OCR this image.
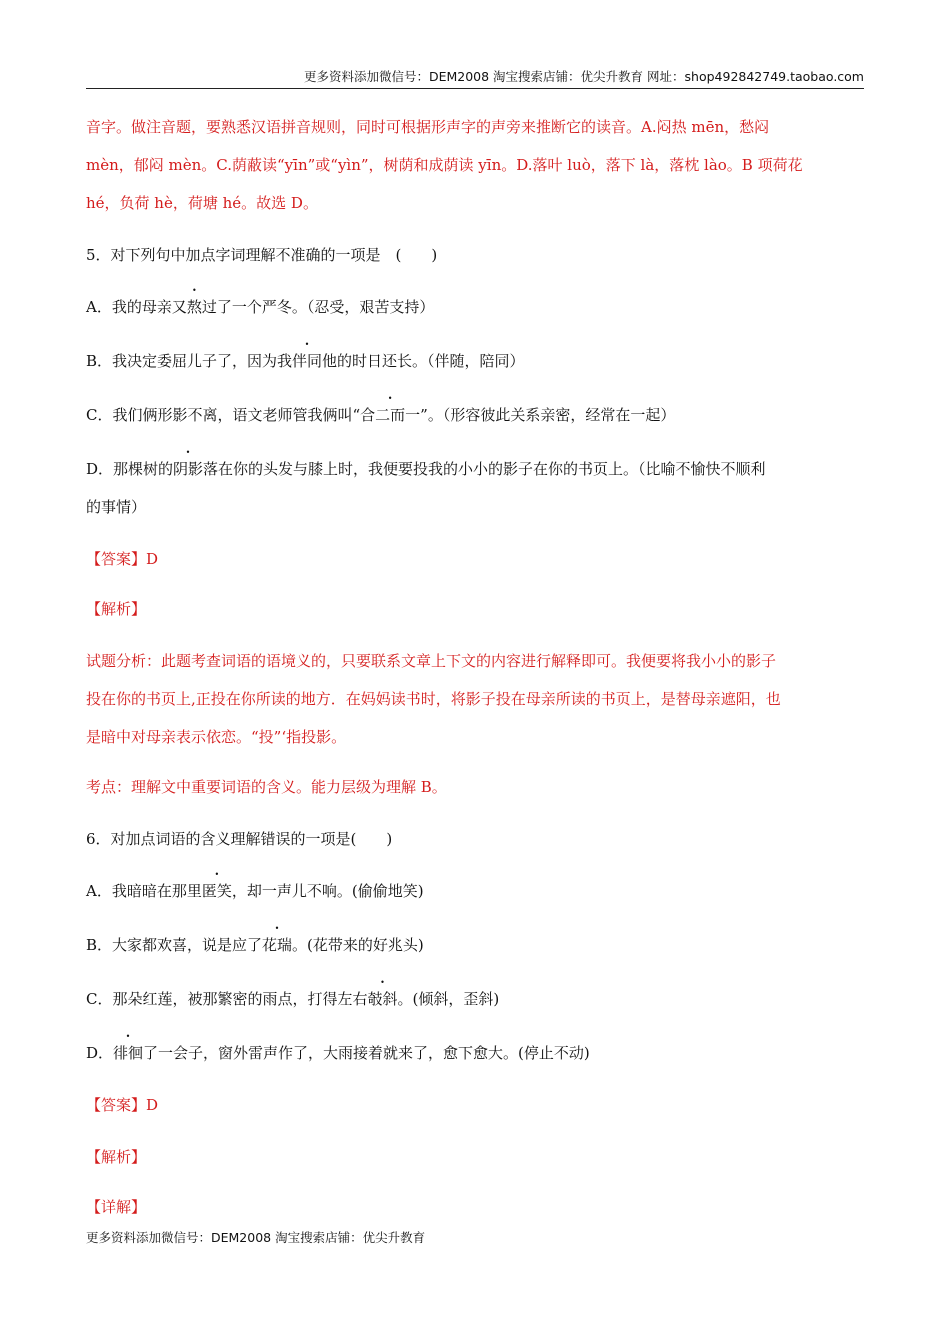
更多资料添加微信号：DEM2008 淘宝搜索店铺：优尖升教育 网址：shop492842749.taobao.com
音字。做注音题，要熟悉汉语拼音规则，同时可根据形声字的声旁来推断它的读音。A.闷热 mēn，愁闷
mèn，郁闷 mèn。C.荫蔽读“yīn”或“yìn”，树荫和成荫读 yīn。D.落叶 luò，落下 là，落枕 lào。B 项荷花
hé，负荷 hè，荷塘 hé。故选 D。
5．对下列句中加点字词理解不准确的一项是　(　　)
A．我的母亲又熬过了一个严冬。（忍受，艰苦支持）
B．我决定委屈儿子了，因为我伴同他的时日还长。（伴随，陪同）
C．我们俩形影不离，语文老师管我俩叫“合二而一”。（形容彼此关系亲密，经常在一起）
D．那棵树的阴影落在你的头发与膝上时，我便要投我的小小的影子在你的书页上。（比喻不愉快不顺利
的事情）
【答案】D
【解析】
试题分析：此题考查词语的语境义的，只要联系文章上下文的内容进行解释即可。我便要将我小小的影子
投在你的书页上,正投在你所读的地方．在妈妈读书时，将影子投在母亲所读的书页上，是替母亲遮阳，也
是暗中对母亲表示依恋。“投”‘指投影。
考点：理解文中重要词语的含义。能力层级为理解 B。
6．对加点词语的含义理解错误的一项是(　　)
A．我暗暗在那里匿笑，却一声儿不响。(偷偷地笑)
B．大家都欢喜，说是应了花瑞。(花带来的好兆头)
C．那朵红莲，被那繁密的雨点，打得左右攲斜。(倾斜，歪斜)
D．徘徊了一会子，窗外雷声作了，大雨接着就来了，愈下愈大。(停止不动)
【答案】D
【解析】
【详解】
更多资料添加微信号：DEM2008 淘宝搜索店铺：优尖升教育
